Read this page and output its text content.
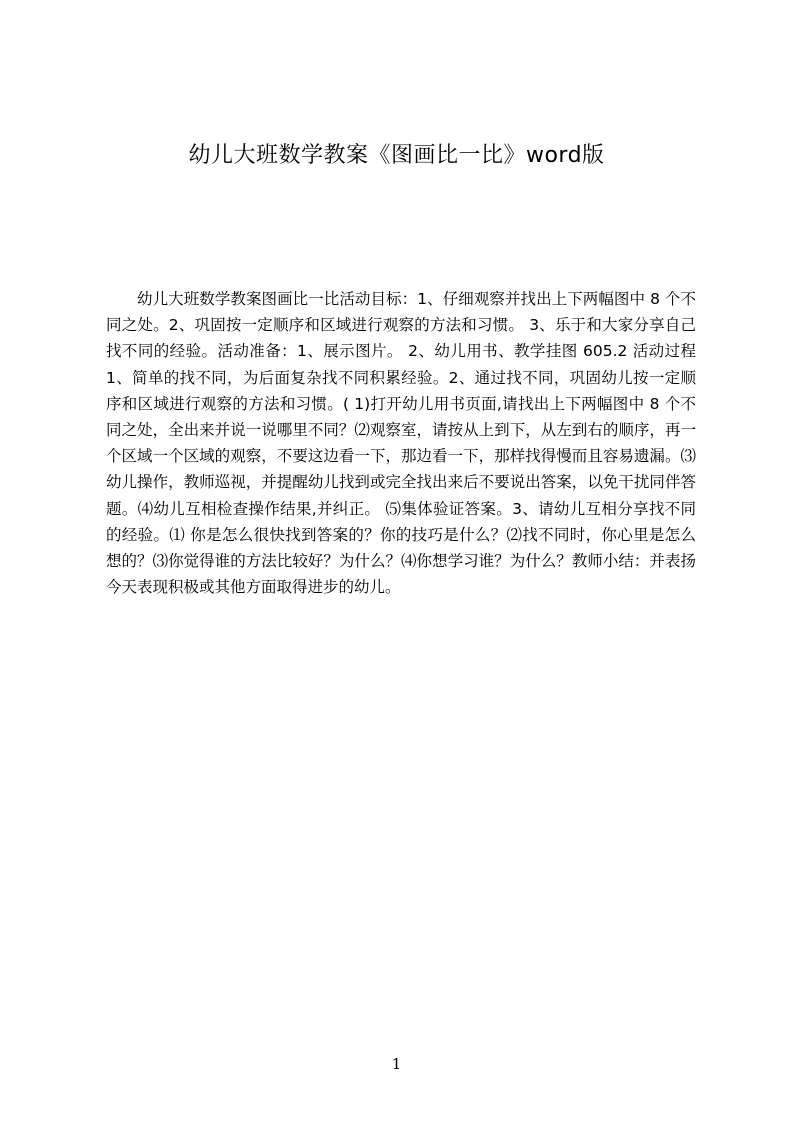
幼儿大班数学教案《图画比一比》word版
幼儿大班数学教案图画比一比活动目标：1、仔细观察并找出上下两幅图中 8 个不同之处。2、巩固按一定顺序和区域进行观察的方法和习惯。 3、乐于和大家分享自己找不同的经验。活动准备：1、展示图片。 2、幼儿用书、教学挂图 605.2 活动过程1、简单的找不同，为后面复杂找不同积累经验。2、通过找不同，巩固幼儿按一定顺序和区域进行观察的方法和习惯。( 1)打开幼儿用书页面,请找出上下两幅图中 8 个不同之处，全出来并说一说哪里不同？⑵观察室，请按从上到下，从左到右的顺序，再一个区域一个区域的观察，不要这边看一下，那边看一下，那样找得慢而且容易遗漏。⑶幼儿操作，教师巡视，并提醒幼儿找到或完全找出来后不要说出答案，以免干扰同伴答题。⑷幼儿互相检查操作结果,并纠正。 ⑸集体验证答案。3、请幼儿互相分享找不同的经验。⑴ 你是怎么很快找到答案的？你的技巧是什么？⑵找不同时，你心里是怎么想的？⑶你觉得谁的方法比较好？为什么？⑷你想学习谁？为什么？教师小结：并表扬今天表现积极或其他方面取得进步的幼儿。
1
